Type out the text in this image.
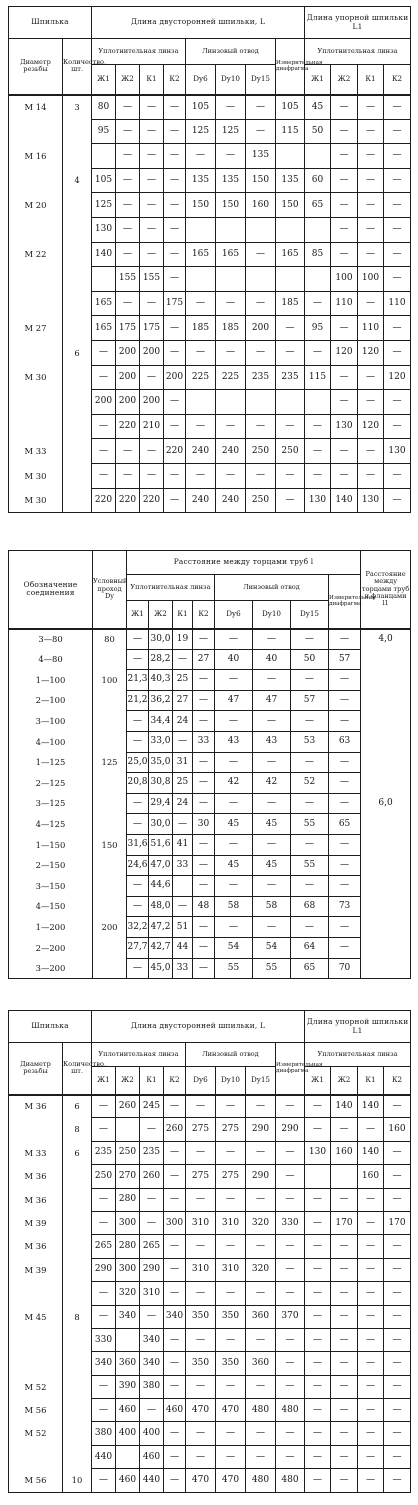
Шпилька		Длина двусторонней шпильки, L								Длина упорной шпильки L1			
Диаметр резьбы	Количество, шт.	Уплотнительная линза				Линзовый отвод			Измерительная диафрагма	Уплотнительная линза			
		Ж1	Ж2	К1	К2	Dy6	Dy10	Dy15		Ж1	Ж2	К1	К2
М 14	3	80	—	—	—	105	—	—	105	45	—	—	—
		95	—	—	—	125	125	—	115	50	—	—	—
М 16			—	—	—	—	—	135			—	—	—
	4	105	—	—	—	135	135	150	135	60	—	—	—
М 20		125	—	—	—	150	150	160	150	65	—	—	—
		130	—	—	—						—	—	—
М 22		140	—	—	—	165	165	—	165	85	—	—	—
			155	155	—						100	100	—
		165	—	—	175	—	—	—	185	—	110	—	110
М 27		165	175	175	—	185	185	200	—	95	—	110	—
	6	—	200	200	—	—	—	—	—	—	120	120	—
М 30		—	200	—	200	225	225	235	235	115	—	—	120
		200	200	200	—						—	—	—
		—	220	210	—	—	—	—	—	—	130	120	—
М 33		—	—	—	220	240	240	250	250	—	—	—	130
М 30		—	—	—	—	—	—	—	—	—	—	—	—
М 30		220	220	220	—	240	240	250	—	130	140	130	—
Обозначение соединения	Условный проход Dy	Расстояние между торцами труб l								Расстояние между торцами труб и фланцами l1
		Уплотнительная линза				Линзовый отвод			Измерительная диафрагма	
		Ж1	Ж2	К1	К2	Dy6	Dy10	Dy15		
3—80	80	—	30,0	19	—	—	—	—	—	4,0
4—80		—	28,2	—	27	40	40	50	57	
1—100	100	21,3	40,3	25	—	—	—	—	—	
2—100		21,2	36,2	27	—	47	47	57	—	
3—100		—	34,4	24	—	—	—	—	—	
4—100		—	33,0	—	33	43	43	53	63	
1—125	125	25,0	35,0	31	—	—	—	—	—	
2—125		20,8	30,8	25	—	42	42	52	—	
3—125		—	29,4	24	—	—	—	—	—	6,0
4—125		—	30,0	—	30	45	45	55	65	
1—150	150	31,6	51,6	41	—	—	—	—	—	
2—150		24,6	47,0	33	—	45	45	55	—	
3—150		—	44,6		—	—	—	—	—	
4—150		—	48,0	—	48	58	58	68	73	
1—200	200	32,2	47,2	51	—	—	—	—	—	
2—200		27,7	42,7	44	—	54	54	64	—	
3—200		—	45,0	33	—	55	55	65	70	
Шпилька		Длина двусторонней шпильки, L								Длина упорной шпильки L1			
Диаметр резьбы	Количество, шт.	Уплотнительная линза				Линзовый отвод			Измерительная диафрагма	Уплотнительная линза			
		Ж1	Ж2	К1	К2	Dy6	Dy10	Dy15		Ж1	Ж2	К1	К2
М 36	6	—	260	245	—	—	—	—	—	—	140	140	—
	8	—		—	260	275	275	290	290	—	—	—	160
М 33	6	235	250	235	—	—	—	—	—	130	160	140	—
М 36		250	270	260	—	275	275	290	—			160	—
М 36		—	280	—	—	—	—	—	—	—	—	—	—
М 39		—	300	—	300	310	310	320	330	—	170	—	170
М 36		265	280	265	—	—	—	—	—	—	—	—	—
М 39		290	300	290	—	310	310	320	—	—	—	—	—
		—	320	310	—	—	—	—	—	—	—	—	—
М 45	8	—	340	—	340	350	350	360	370	—	—	—	—
		330		340	—	—	—	—	—	—	—	—	—
		340	360	340	—	350	350	360	—	—	—	—	—
М 52		—	390	380	—	—	—	—	—	—	—	—	—
М 56		—	460	—	460	470	470	480	480	—	—	—	—
М 52		380	400	400	—	—	—	—	—	—	—	—	—
		440		460	—	—	—	—	—	—	—	—	—
М 56	10	—	460	440	—	470	470	480	480	—	—	—	—
